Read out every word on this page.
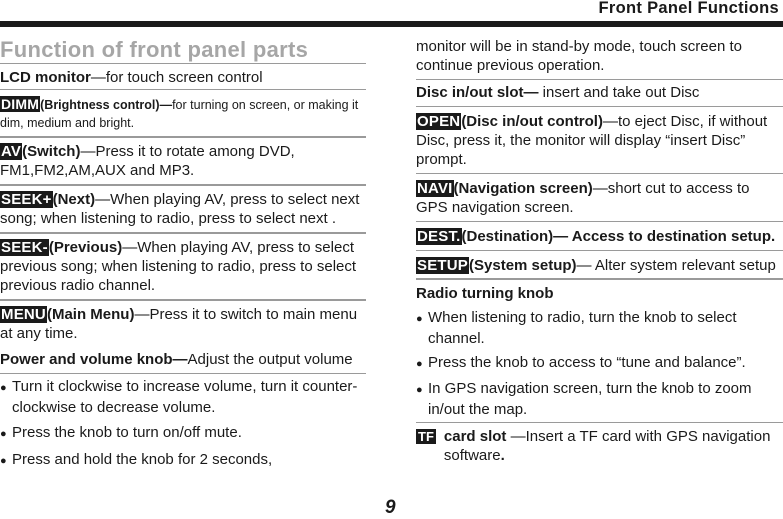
Front Panel Functions
Function of front panel parts
LCD monitor—for touch screen control
DIMM(Brightness control)—for turning on screen, or making it dim, medium and bright.
AV(Switch)—Press it to rotate among DVD, FM1,FM2,AM,AUX and MP3.
SEEK+(Next)—When playing AV, press to select next song; when listening to radio, press to select next .
SEEK-(Previous)—When playing AV, press to select previous song; when listening to radio, press to select previous radio channel.
MENU(Main Menu)—Press it to switch to main menu at any time.
Power and volume knob—Adjust the output volume
● Turn it clockwise to increase volume, turn it counter-clockwise to decrease volume.
● Press the knob to turn on/off mute.
● Press and hold the knob for 2 seconds,
monitor will be in stand-by mode, touch screen to continue previous operation.
Disc in/out slot— insert and take out Disc
OPEN(Disc in/out control)—to eject Disc, if without Disc, press it, the monitor will display “insert Disc” prompt.
NAVI(Navigation screen)—short cut to access to GPS navigation screen.
DEST.(Destination)— Access to destination setup.
SETUP(System setup)— Alter system relevant setup
Radio turning knob
● When listening to radio, turn the knob to select channel.
● Press the knob to access to “tune and balance”.
● In GPS navigation screen, turn the knob to zoom in/out the map.
TF card slot —Insert a TF card with GPS navigation software.
9
